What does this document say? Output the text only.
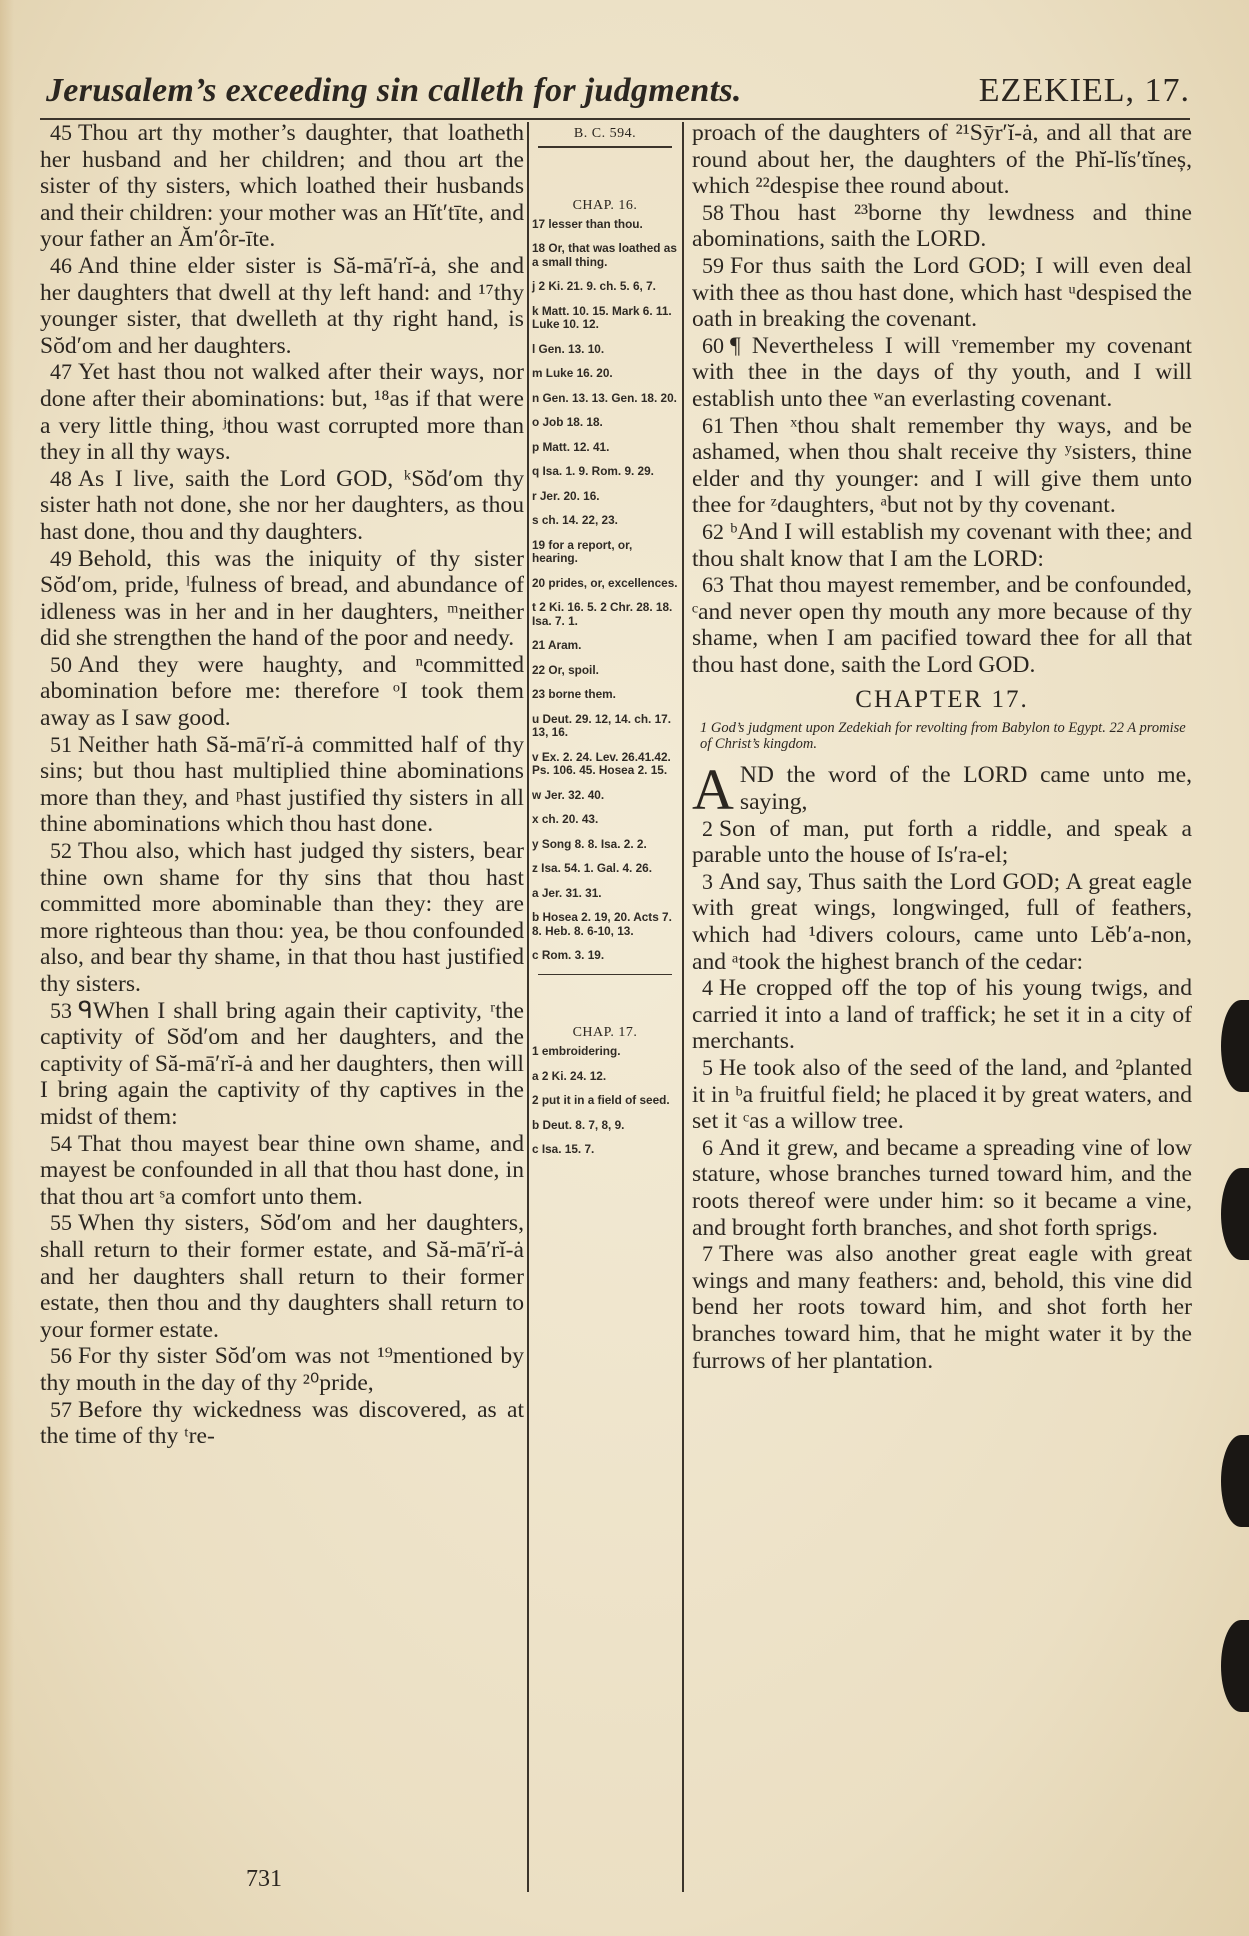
Jerusalem’s exceeding sin calleth for judgments.	EZEKIEL, 17.

45 Thou art thy mother’s daughter, that loatheth her husband and her children; and thou art the sister of thy sisters, which loathed their husbands and their children: your mother was an Hĭt′tīte, and your father an Ăm′ôr-īte.

46 And thine elder sister is Să-mā′rĭ-ȧ, she and her daughters that dwell at thy left hand: and ¹⁷thy younger sister, that dwelleth at thy right hand, is Sŏd′om and her daughters.

47 Yet hast thou not walked after their ways, nor done after their abominations: but, ¹⁸as if that were a very little thing, ʲthou wast corrupted more than they in all thy ways.

48 As I live, saith the Lord GOD, ᵏSŏd′om thy sister hath not done, she nor her daughters, as thou hast done, thou and thy daughters.

49 Behold, this was the iniquity of thy sister Sŏd′om, pride, ˡfulness of bread, and abundance of idleness was in her and in her daughters, ᵐneither did she strengthen the hand of the poor and needy.

50 And they were haughty, and ⁿcommitted abomination before me: therefore ᵒI took them away as I saw good.

51 Neither hath Să-mā′rĭ-ȧ committed half of thy sins; but thou hast multiplied thine abominations more than they, and ᵖhast justified thy sisters in all thine abominations which thou hast done.

52 Thou also, which hast judged thy sisters, bear thine own shame for thy sins that thou hast committed more abominable than they: they are more righteous than thou: yea, be thou confounded also, and bear thy shame, in that thou hast justified thy sisters.

53 ᑫWhen I shall bring again their captivity, ʳthe captivity of Sŏd′om and her daughters, and the captivity of Să-mā′rĭ-ȧ and her daughters, then will I bring again the captivity of thy captives in the midst of them:

54 That thou mayest bear thine own shame, and mayest be confounded in all that thou hast done, in that thou art ˢa comfort unto them.

55 When thy sisters, Sŏd′om and her daughters, shall return to their former estate, and Să-mā′rĭ-ȧ and her daughters shall return to their former estate, then thou and thy daughters shall return to your former estate.

56 For thy sister Sŏd′om was not ¹⁹mentioned by thy mouth in the day of thy ²⁰pride,

57 Before thy wickedness was discovered, as at the time of thy ᵗre-

B. C. 594.
CHAP. 16.
17 lesser than thou.
18 Or, that was loathed as a small thing.
j 2 Ki. 21. 9. ch. 5. 6, 7.
k Matt. 10. 15. Mark 6. 11. Luke 10. 12.
l Gen. 13. 10.
m Luke 16. 20.
n Gen. 13. 13. Gen. 18. 20.
o Job 18. 18.
p Matt. 12. 41.
q Isa. 1. 9. Rom. 9. 29.
r Jer. 20. 16.
s ch. 14. 22, 23.
19 for a report, or, hearing.
20 prides, or, excellences.
t 2 Ki. 16. 5. 2 Chr. 28. 18. Isa. 7. 1.
21 Aram.
22 Or, spoil.
23 borne them.
u Deut. 29. 12, 14. ch. 17. 13, 16.
v Ex. 2. 24. Lev. 26.41.42. Ps. 106. 45. Hosea 2. 15.
w Jer. 32. 40.
x ch. 20. 43.
y Song 8. 8. Isa. 2. 2.
z Isa. 54. 1. Gal. 4. 26.
a Jer. 31. 31.
b Hosea 2. 19, 20. Acts 7. 8. Heb. 8. 6-10, 13.
c Rom. 3. 19.
CHAP. 17.
1 embroidering.
a 2 Ki. 24. 12.
2 put it in a field of seed.
b Deut. 8. 7, 8, 9.
c Isa. 15. 7.

proach of the daughters of ²¹Sȳr′ĭ-ȧ, and all that are round about her, the daughters of the Phĭ-lĭs′tĭneș, which ²²despise thee round about.

58 Thou hast ²³borne thy lewdness and thine abominations, saith the LORD.

59 For thus saith the Lord GOD; I will even deal with thee as thou hast done, which hast ᵘdespised the oath in breaking the covenant.

60 ¶ Nevertheless I will ᵛremember my covenant with thee in the days of thy youth, and I will establish unto thee ʷan everlasting covenant.

61 Then ˣthou shalt remember thy ways, and be ashamed, when thou shalt receive thy ʸsisters, thine elder and thy younger: and I will give them unto thee for ᶻdaughters, ᵃbut not by thy covenant.

62 ᵇAnd I will establish my covenant with thee; and thou shalt know that I am the LORD:

63 That thou mayest remember, and be confounded, ᶜand never open thy mouth any more because of thy shame, when I am pacified toward thee for all that thou hast done, saith the Lord GOD.

CHAPTER 17.

1 God’s judgment upon Zedekiah for revolting from Babylon to Egypt. 22 A promise of Christ’s kingdom.

AND the word of the LORD came unto me, saying,

2 Son of man, put forth a riddle, and speak a parable unto the house of Is′ra-el;

3 And say, Thus saith the Lord GOD; A great eagle with great wings, longwinged, full of feathers, which had ¹divers colours, came unto Lĕb′a-non, and ᵃtook the highest branch of the cedar:

4 He cropped off the top of his young twigs, and carried it into a land of traffick; he set it in a city of merchants.

5 He took also of the seed of the land, and ²planted it in ᵇa fruitful field; he placed it by great waters, and set it ᶜas a willow tree.

6 And it grew, and became a spreading vine of low stature, whose branches turned toward him, and the roots thereof were under him: so it became a vine, and brought forth branches, and shot forth sprigs.

7 There was also another great eagle with great wings and many feathers: and, behold, this vine did bend her roots toward him, and shot forth her branches toward him, that he might water it by the furrows of her plantation.

731
